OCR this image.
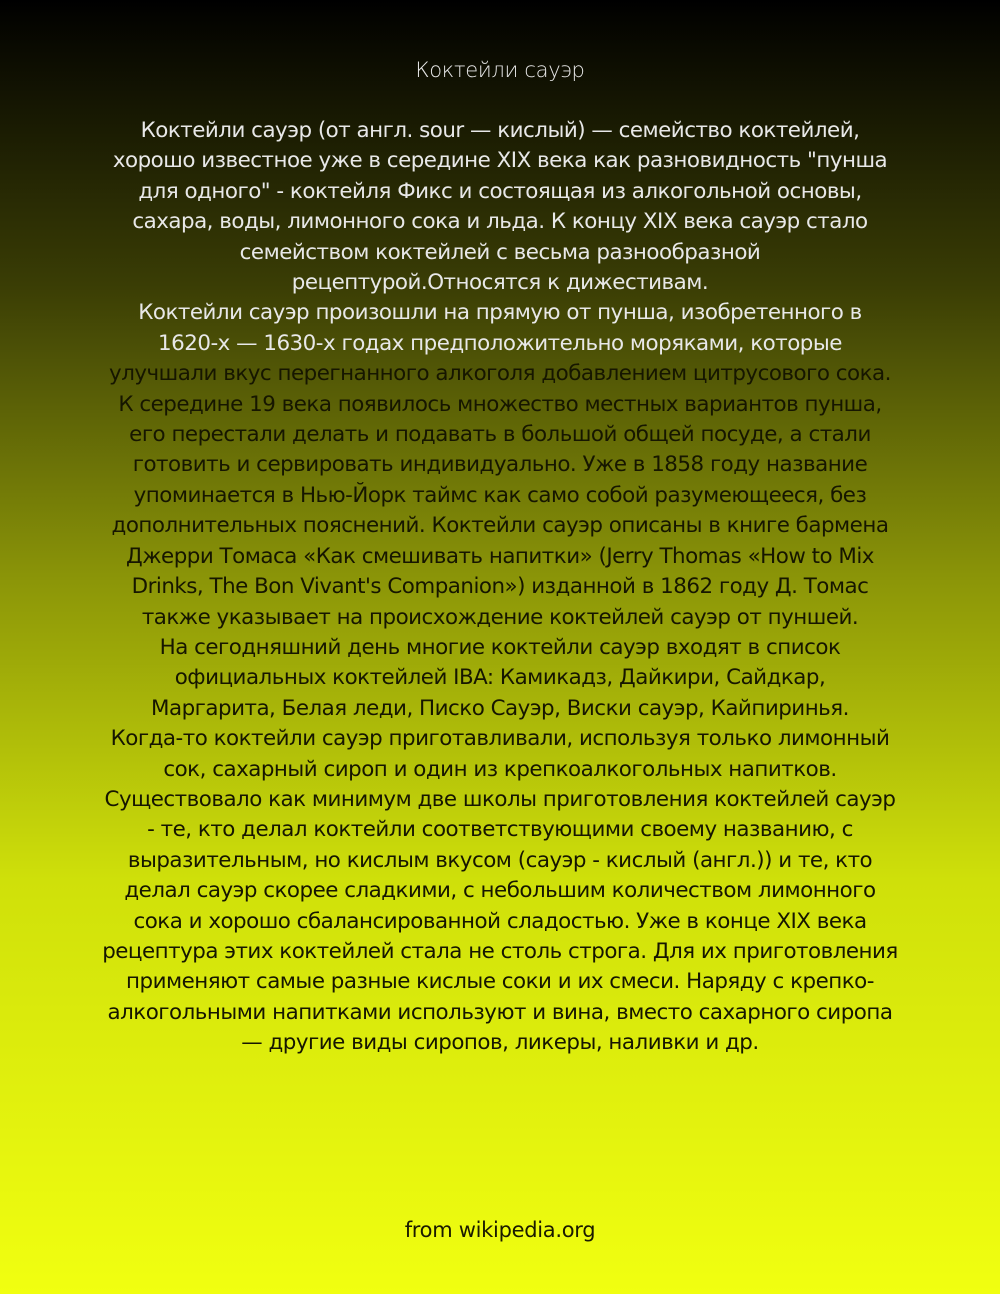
Коктейли сауэр

Коктейли сауэр (от англ. sour — кислый) — семейство коктейлей,
хорошо известное уже в середине XIX века как разновидность "пунша
для одного" - коктейля Фикс и состоящая из алкогольной основы,
сахара, воды, лимонного сока и льда. К концу XIX века сауэр стало
семейством коктейлей с весьма разнообразной
рецептурой.Относятся к дижестивам.
Коктейли сауэр произошли на прямую от пунша, изобретенного в
1620-х — 1630-х годах предположительно моряками, которые
улучшали вкус перегнанного алкоголя добавлением цитрусового сока.
К середине 19 века появилось множество местных вариантов пунша,
его перестали делать и подавать в большой общей посуде, а стали
готовить и сервировать индивидуально. Уже в 1858 году название
упоминается в Нью-Йорк таймс как само собой разумеющееся, без
дополнительных пояснений. Коктейли сауэр описаны в книге бармена
Джерри Томаса «Как смешивать напитки» (Jerry Thomas «How to Mix
Drinks, The Bon Vivant's Companion») изданной в 1862 году Д. Томас
также указывает на происхождение коктейлей сауэр от пуншей.
На сегодняшний день многие коктейли сауэр входят в список
официальных коктейлей IBA: Камикадз, Дайкири, Сайдкар,
Маргарита, Белая леди, Писко Сауэр, Виски сауэр, Кайпиринья.
Когда-то коктейли сауэр приготавливали, используя только лимонный
сок, сахарный сироп и один из крепкоалкогольных напитков.
Существовало как минимум две школы приготовления коктейлей сауэр
- те, кто делал коктейли соответствующими своему названию, с
выразительным, но кислым вкусом (сауэр - кислый (англ.)) и те, кто
делал сауэр скорее сладкими, с небольшим количеством лимонного
сока и хорошо сбалансированной сладостью. Уже в конце XIX века
рецептура этих коктейлей стала не столь строга. Для их приготовления
применяют самые разные кислые соки и их смеси. Наряду с крепко-
алкогольными напитками используют и вина, вместо сахарного сиропа
— другие виды сиропов, ликеры, наливки и др.

from wikipedia.org
